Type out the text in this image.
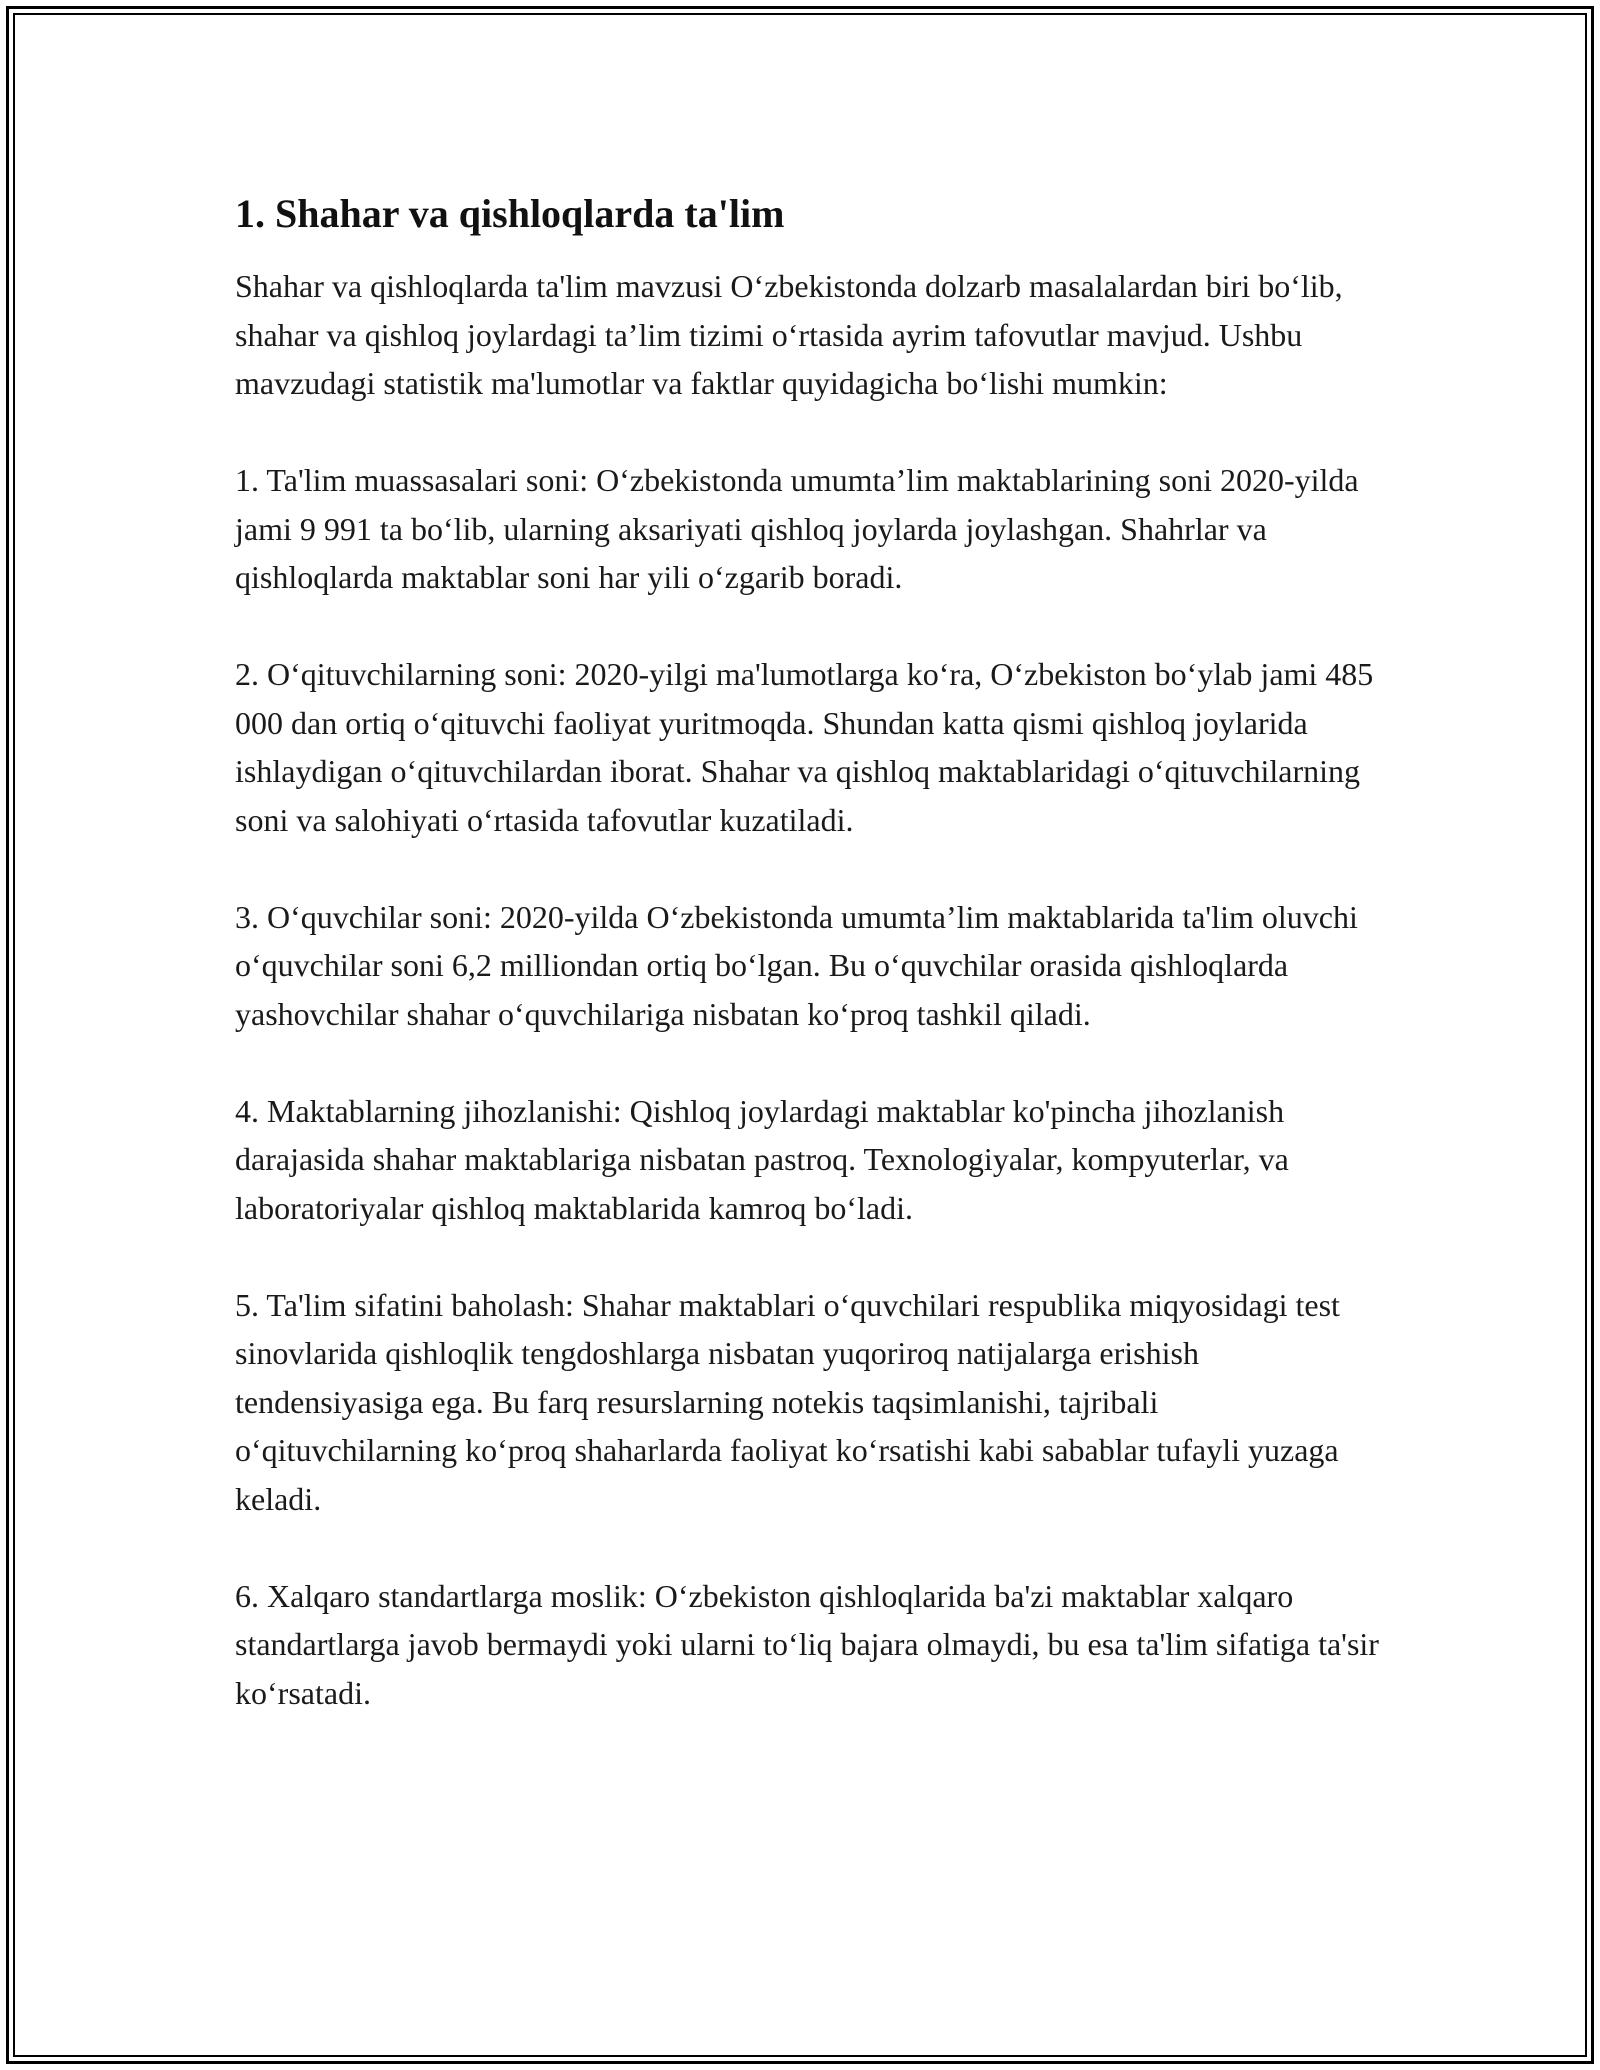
1. Shahar va qishloqlarda ta'lim

Shahar va qishloqlarda ta'lim mavzusi O‘zbekistonda dolzarb masalalardan biri bo‘lib, shahar va qishloq joylardagi ta’lim tizimi o‘rtasida ayrim tafovutlar mavjud. Ushbu mavzudagi statistik ma'lumotlar va faktlar quyidagicha bo‘lishi mumkin:

1. Ta'lim muassasalari soni: O‘zbekistonda umumta’lim maktablarining soni 2020-yilda jami 9 991 ta bo‘lib, ularning aksariyati qishloq joylarda joylashgan. Shahrlar va qishloqlarda maktablar soni har yili o‘zgarib boradi.

2. O‘qituvchilarning soni: 2020-yilgi ma'lumotlarga ko‘ra, O‘zbekiston bo‘ylab jami 485 000 dan ortiq o‘qituvchi faoliyat yuritmoqda. Shundan katta qismi qishloq joylarida ishlaydigan o‘qituvchilardan iborat. Shahar va qishloq maktablaridagi o‘qituvchilarning soni va salohiyati o‘rtasida tafovutlar kuzatiladi.

3. O‘quvchilar soni: 2020-yilda O‘zbekistonda umumta’lim maktablarida ta'lim oluvchi o‘quvchilar soni 6,2 milliondan ortiq bo‘lgan. Bu o‘quvchilar orasida qishloqlarda yashovchilar shahar o‘quvchilariga nisbatan ko‘proq tashkil qiladi.

4. Maktablarning jihozlanishi: Qishloq joylardagi maktablar ko'pincha jihozlanish darajasida shahar maktablariga nisbatan pastroq. Texnologiyalar, kompyuterlar, va laboratoriyalar qishloq maktablarida kamroq bo‘ladi.

5. Ta'lim sifatini baholash: Shahar maktablari o‘quvchilari respublika miqyosidagi test sinovlarida qishloqlik tengdoshlarga nisbatan yuqoriroq natijalarga erishish tendensiyasiga ega. Bu farq resurslarning notekis taqsimlanishi, tajribali o‘qituvchilarning ko‘proq shaharlarda faoliyat ko‘rsatishi kabi sabablar tufayli yuzaga keladi.

6. Xalqaro standartlarga moslik: O‘zbekiston qishloqlarida ba'zi maktablar xalqaro standartlarga javob bermaydi yoki ularni to‘liq bajara olmaydi, bu esa ta'lim sifatiga ta'sir ko‘rsatadi.
